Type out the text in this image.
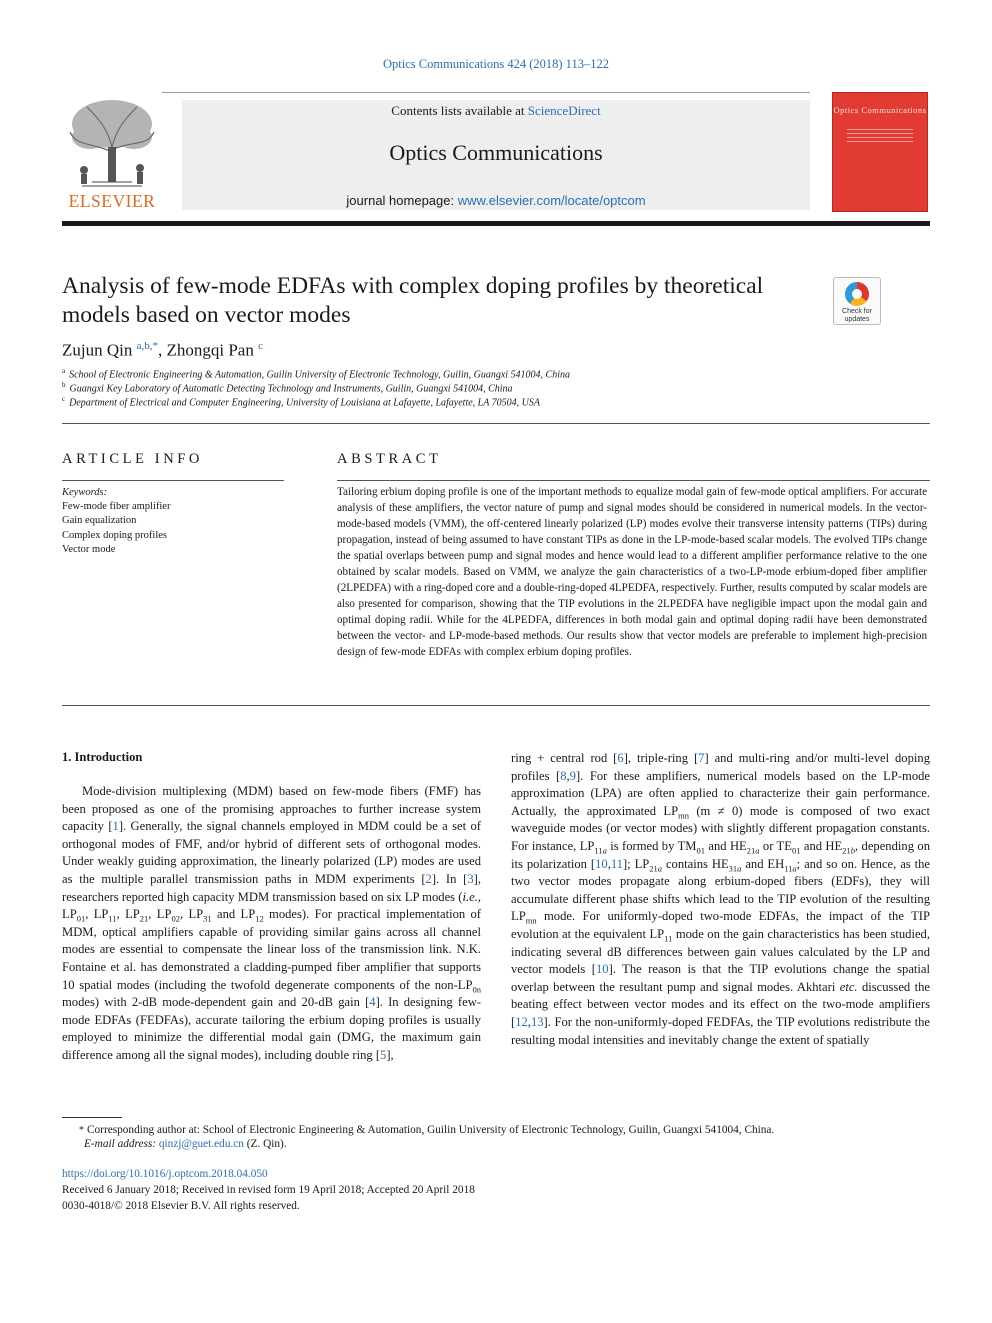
Optics Communications 424 (2018) 113–122
ELSEVIER
Contents lists available at ScienceDirect
Optics Communications
journal homepage: www.elsevier.com/locate/optcom
Optics Communications
Analysis of few-mode EDFAs with complex doping profiles by theoretical models based on vector modes	Check for updates
Zujun Qin $^{a,b,*}$, Zhongqi Pan $^c$
$^a$ School of Electronic Engineering & Automation, Guilin University of Electronic Technology, Guilin, Guangxi 541004, China
$^b$ Guangxi Key Laboratory of Automatic Detecting Technology and Instruments, Guilin, Guangxi 541004, China
$^c$ Department of Electrical and Computer Engineering, University of Louisiana at Lafayette, Lafayette, LA 70504, USA
ARTICLE INFO
Keywords:
Few-mode fiber amplifier
Gain equalization
Complex doping profiles
Vector mode
ABSTRACT
Tailoring erbium doping profile is one of the important methods to equalize modal gain of few-mode optical amplifiers. For accurate analysis of these amplifiers, the vector nature of pump and signal modes should be considered in numerical models. In the vector-mode-based models (VMM), the off-centered linearly polarized (LP) modes evolve their transverse intensity patterns (TIPs) during propagation, instead of being assumed to have constant TIPs as done in the LP-mode-based scalar models. The evolved TIPs change the spatial overlaps between pump and signal modes and hence would lead to a different amplifier performance relative to the one obtained by scalar models. Based on VMM, we analyze the gain characteristics of a two-LP-mode erbium-doped fiber amplifier (2LPEDFA) with a ring-doped core and a double-ring-doped 4LPEDFA, respectively. Further, results computed by scalar models are also presented for comparison, showing that the TIP evolutions in the 2LPEDFA have negligible impact upon the modal gain and optimal doping radii. While for the 4LPEDFA, differences in both modal gain and optimal doping radii have been demonstrated between the vector- and LP-mode-based methods. Our results show that vector models are preferable to implement high-precision design of few-mode EDFAs with complex erbium doping profiles.
1. Introduction
Mode-division multiplexing (MDM) based on few-mode fibers (FMF) has been proposed as one of the promising approaches to further increase system capacity [1]. Generally, the signal channels employed in MDM could be a set of orthogonal modes of FMF, and/or hybrid of different sets of orthogonal modes. Under weakly guiding approximation, the linearly polarized (LP) modes are used as the multiple parallel transmission paths in MDM experiments [2]. In [3], researchers reported high capacity MDM transmission based on six LP modes (i.e., $LP_{01}$, $LP_{11}$, $LP_{21}$, $LP_{02}$, $LP_{31}$ and $LP_{12}$ modes). For practical implementation of MDM, optical amplifiers capable of providing similar gains across all channel modes are essential to compensate the linear loss of the transmission link. N.K. Fontaine et al. has demonstrated a cladding-pumped fiber amplifier that supports 10 spatial modes (including the twofold degenerate components of the non-$LP_{0n}$ modes) with 2-dB mode-dependent gain and 20-dB gain [4]. In designing few-mode EDFAs (FEDFAs), accurate tailoring the erbium doping profiles is usually employed to minimize the differential modal gain (DMG, the maximum gain difference among all the signal modes), including double ring [5],
ring + central rod [6], triple-ring [7] and multi-ring and/or multi-level doping profiles [8,9]. For these amplifiers, numerical models based on the LP-mode approximation (LPA) are often applied to characterize their gain performance. Actually, the approximated $LP_{mn}$ (m ≠ 0) mode is composed of two exact waveguide modes (or vector modes) with slightly different propagation constants. For instance, $LP_{11a}$ is formed by $TM_{01}$ and $HE_{21a}$ or $TE_{01}$ and $HE_{21b}$, depending on its polarization [10,11]; $LP_{21a}$ contains $HE_{31a}$ and $EH_{11a}$; and so on. Hence, as the two vector modes propagate along erbium-doped fibers (EDFs), they will accumulate different phase shifts which lead to the TIP evolution of the resulting $LP_{mn}$ mode. For uniformly-doped two-mode EDFAs, the impact of the TIP evolution at the equivalent $LP_{11}$ mode on the gain characteristics has been studied, indicating several dB differences between gain values calculated by the LP and vector models [10]. The reason is that the TIP evolutions change the spatial overlap between the resultant pump and signal modes. Akhtari etc. discussed the beating effect between vector modes and its effect on the two-mode amplifiers [12,13]. For the non-uniformly-doped FEDFAs, the TIP evolutions redistribute the resulting modal intensities and inevitably change the extent of spatially
* Corresponding author at: School of Electronic Engineering & Automation, Guilin University of Electronic Technology, Guilin, Guangxi 541004, China.
E-mail address: qinzj@guet.edu.cn (Z. Qin).
https://doi.org/10.1016/j.optcom.2018.04.050
Received 6 January 2018; Received in revised form 19 April 2018; Accepted 20 April 2018
0030-4018/© 2018 Elsevier B.V. All rights reserved.
